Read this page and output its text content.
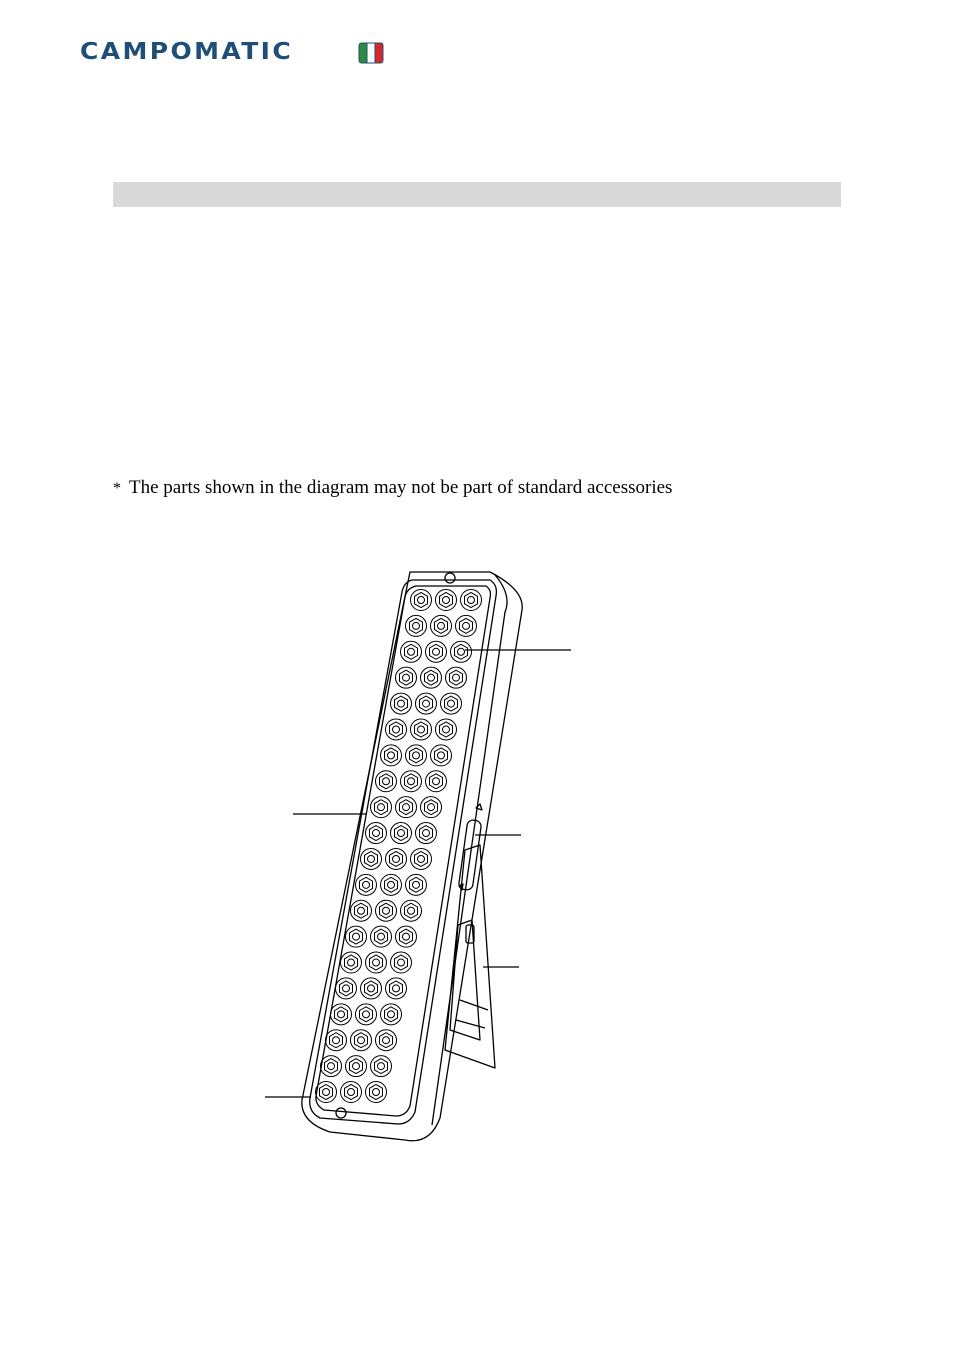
CAMPOMATIC
* The parts shown in the diagram may not be part of standard accessories
